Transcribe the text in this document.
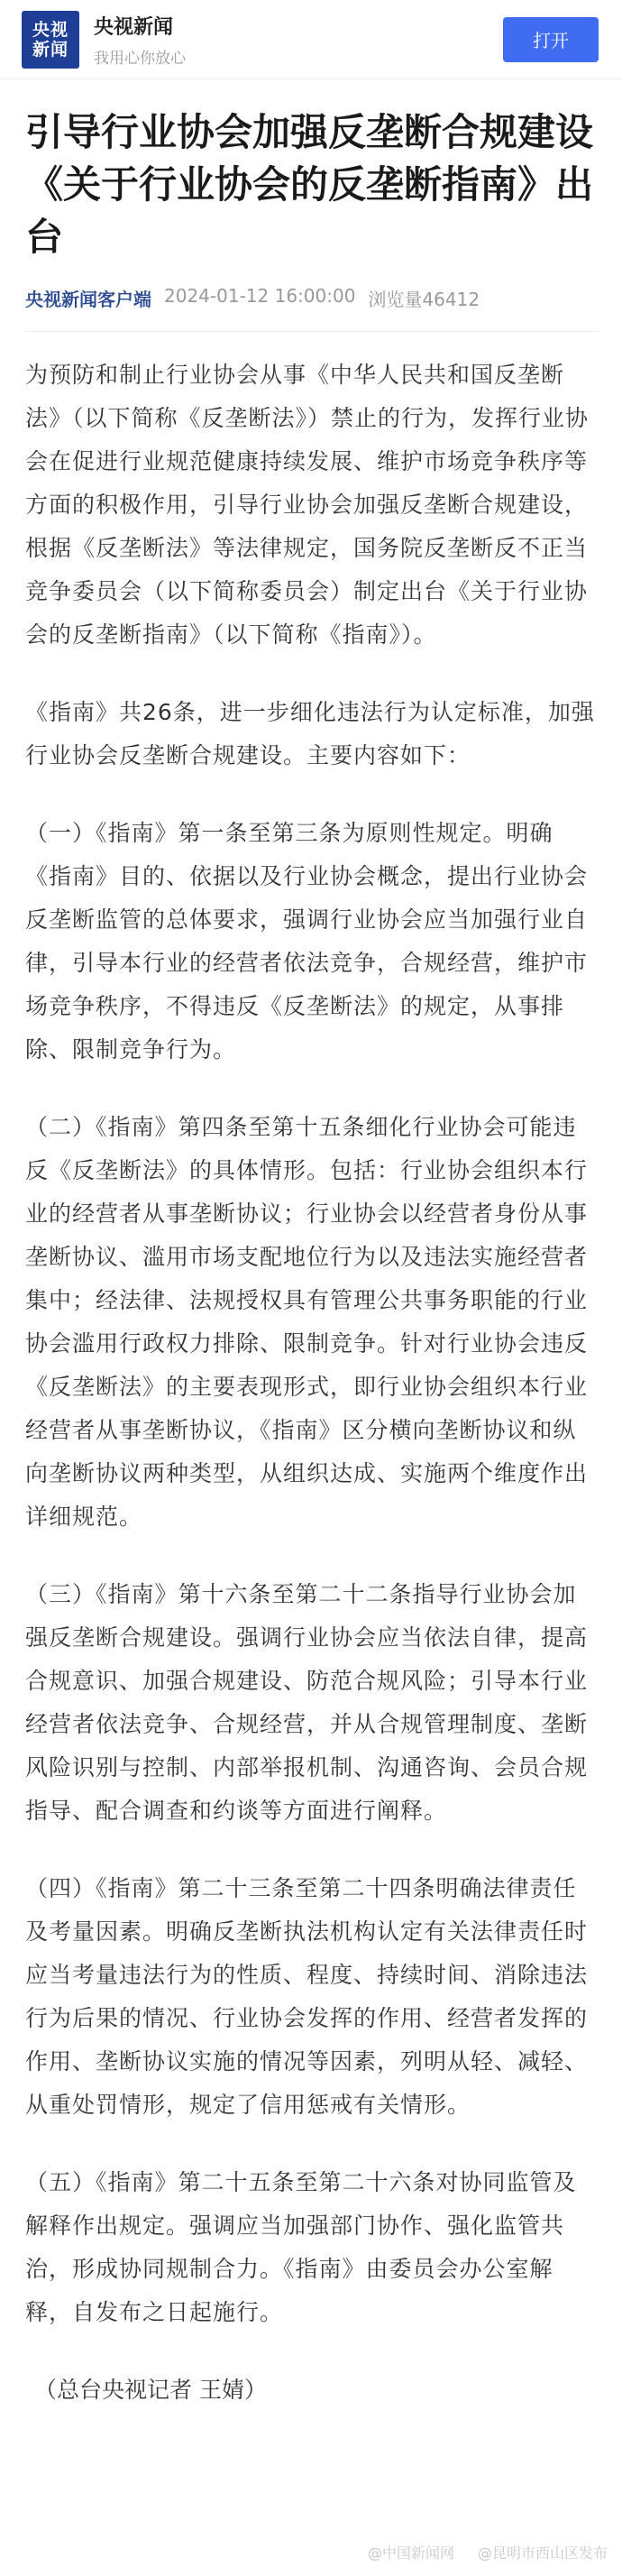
央视
新闻
央视新闻
我用心你放心
打开
引导行业协会加强反垄断合规建设 《关于行业协会的反垄断指南》出台
央视新闻客户端 2024-01-12 16:00:00 浏览量46412

为预防和制止行业协会从事《中华人民共和国反垄断法》（以下简称《反垄断法》）禁止的行为，发挥行业协会在促进行业规范健康持续发展、维护市场竞争秩序等方面的积极作用，引导行业协会加强反垄断合规建设，根据《反垄断法》等法律规定，国务院反垄断反不正当竞争委员会（以下简称委员会）制定出台《关于行业协会的反垄断指南》（以下简称《指南》）。

《指南》共26条，进一步细化违法行为认定标准，加强行业协会反垄断合规建设。主要内容如下：

（一）《指南》第一条至第三条为原则性规定。明确《指南》目的、依据以及行业协会概念，提出行业协会反垄断监管的总体要求，强调行业协会应当加强行业自律，引导本行业的经营者依法竞争，合规经营，维护市场竞争秩序，不得违反《反垄断法》的规定，从事排除、限制竞争行为。

（二）《指南》第四条至第十五条细化行业协会可能违反《反垄断法》的具体情形。包括：行业协会组织本行业的经营者从事垄断协议；行业协会以经营者身份从事垄断协议、滥用市场支配地位行为以及违法实施经营者集中；经法律、法规授权具有管理公共事务职能的行业协会滥用行政权力排除、限制竞争。针对行业协会违反《反垄断法》的主要表现形式，即行业协会组织本行业经营者从事垄断协议，《指南》区分横向垄断协议和纵向垄断协议两种类型，从组织达成、实施两个维度作出详细规范。

（三）《指南》第十六条至第二十二条指导行业协会加强反垄断合规建设。强调行业协会应当依法自律，提高合规意识、加强合规建设、防范合规风险；引导本行业经营者依法竞争、合规经营，并从合规管理制度、垄断风险识别与控制、内部举报机制、沟通咨询、会员合规指导、配合调查和约谈等方面进行阐释。

（四）《指南》第二十三条至第二十四条明确法律责任及考量因素。明确反垄断执法机构认定有关法律责任时应当考量违法行为的性质、程度、持续时间、消除违法行为后果的情况、行业协会发挥的作用、经营者发挥的作用、垄断协议实施的情况等因素，列明从轻、减轻、从重处罚情形，规定了信用惩戒有关情形。

（五）《指南》第二十五条至第二十六条对协同监管及解释作出规定。强调应当加强部门协作、强化监管共治，形成协同规制合力。《指南》由委员会办公室解释，自发布之日起施行。

（总台央视记者 王婧）
@中国新闻网 @昆明市西山区发布
